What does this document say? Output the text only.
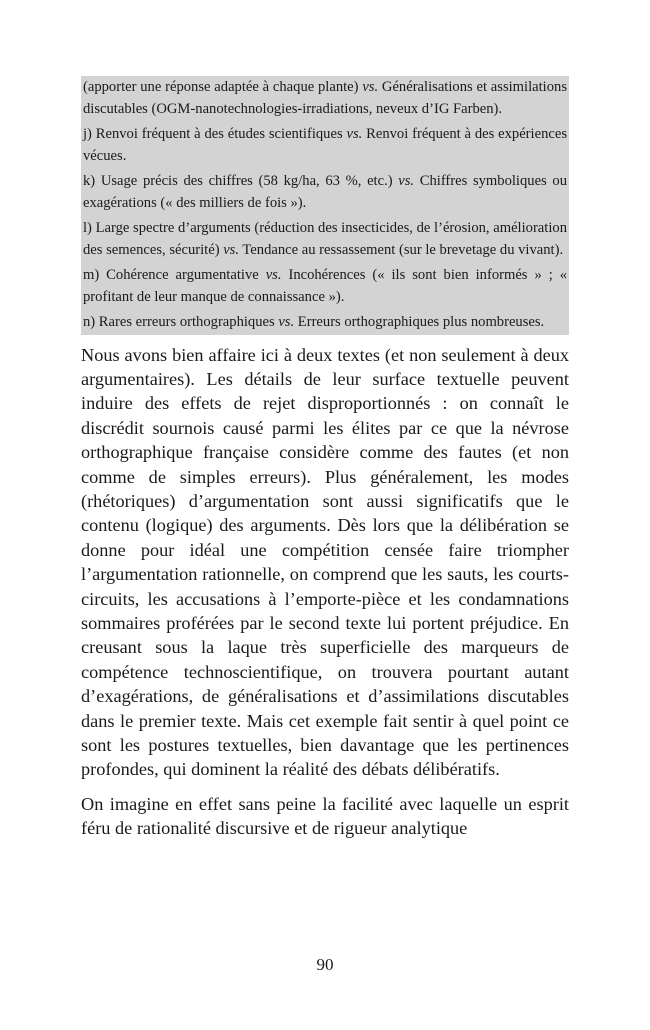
(apporter une réponse adaptée à chaque plante) vs. Généralisations et assimilations discutables (OGM-nanotechnologies-irradiations, neveux d’IG Farben).

j) Renvoi fréquent à des études scientifiques vs. Renvoi fréquent à des expériences vécues.

k) Usage précis des chiffres (58 kg/ha, 63 %, etc.) vs. Chiffres symboliques ou exagérations (« des milliers de fois »).

l) Large spectre d’arguments (réduction des insecticides, de l’érosion, amélioration des semences, sécurité) vs. Tendance au ressassement (sur le brevetage du vivant).

m) Cohérence argumentative vs. Incohérences (« ils sont bien informés » ; « profitant de leur manque de connaissance »).

n) Rares erreurs orthographiques vs. Erreurs orthographiques plus nombreuses.

Nous avons bien affaire ici à deux textes (et non seulement à deux argumentaires). Les détails de leur surface textuelle peuvent induire des effets de rejet disproportionnés : on connaît le discrédit sournois causé parmi les élites par ce que la névrose orthographique française considère comme des fautes (et non comme de simples erreurs). Plus généralement, les modes (rhétoriques) d’argumentation sont aussi significatifs que le contenu (logique) des arguments. Dès lors que la délibération se donne pour idéal une compétition censée faire triompher l’argumentation rationnelle, on comprend que les sauts, les courts-circuits, les accusations à l’emporte-pièce et les condamnations sommaires proférées par le second texte lui portent préjudice. En creusant sous la laque très superficielle des marqueurs de compétence technoscientifique, on trouvera pourtant autant d’exagérations, de généralisations et d’assimilations discutables dans le premier texte. Mais cet exemple fait sentir à quel point ce sont les postures textuelles, bien davantage que les pertinences profondes, qui dominent la réalité des débats délibératifs.

On imagine en effet sans peine la facilité avec laquelle un esprit féru de rationalité discursive et de rigueur analytique

90
